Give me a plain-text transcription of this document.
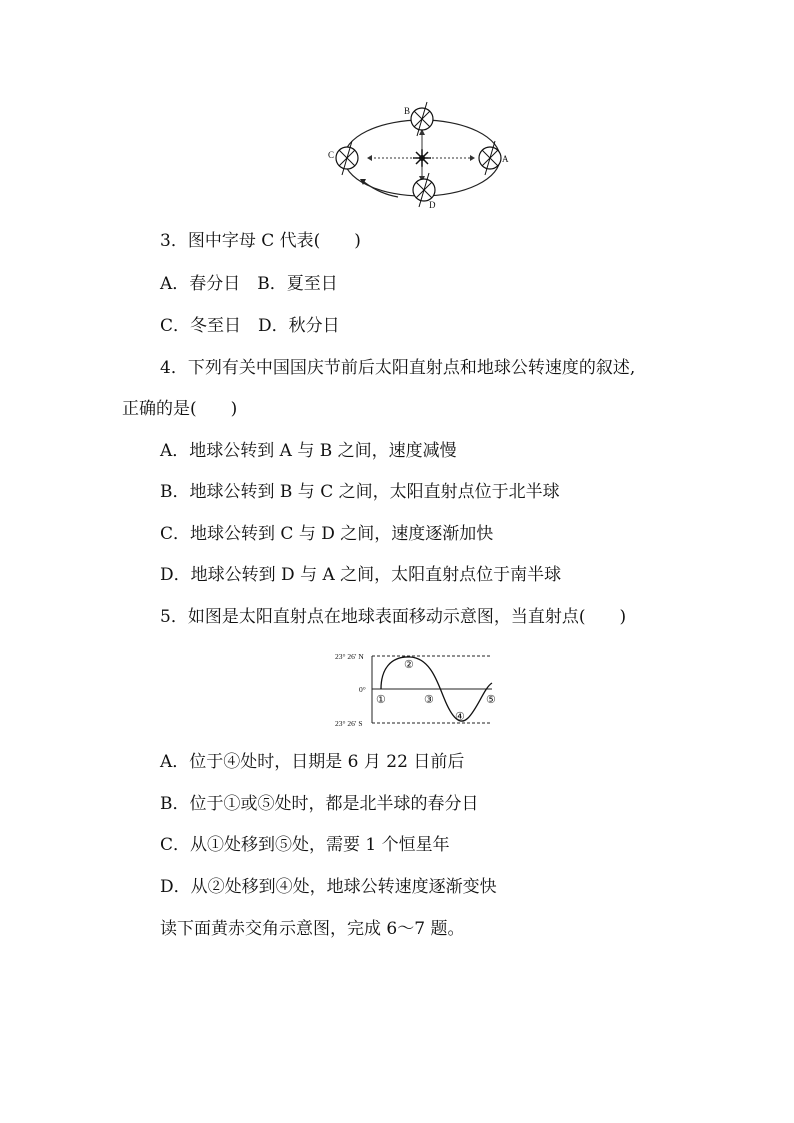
B
C	A
D
3．图中字母 C 代表(　　)
A．春分日　B．夏至日
C．冬至日　D．秋分日
4．下列有关中国国庆节前后太阳直射点和地球公转速度的叙述,
正确的是(　　)
A．地球公转到 A 与 B 之间，速度减慢
B．地球公转到 B 与 C 之间，太阳直射点位于北半球
C．地球公转到 C 与 D 之间，速度逐渐加快
D．地球公转到 D 与 A 之间，太阳直射点位于南半球
5．如图是太阳直射点在地球表面移动示意图，当直射点(　　)
23° 26′ N
0°
23° 26′ S
①
②
③
④
⑤
A．位于④处时，日期是 6 月 22 日前后
B．位于①或⑤处时，都是北半球的春分日
C．从①处移到⑤处，需要 1 个恒星年
D．从②处移到④处，地球公转速度逐渐变快
读下面黄赤交角示意图，完成 6～7 题。
